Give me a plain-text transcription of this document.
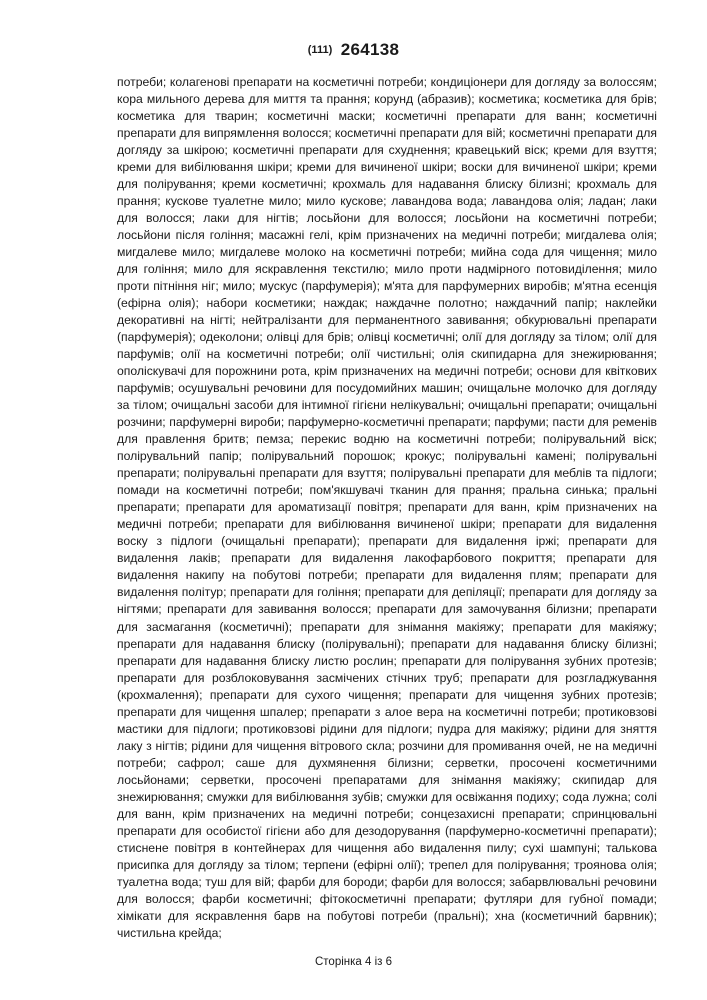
(111) 264138
потреби; колагенові препарати на косметичні потреби; кондиціонери для догляду за волоссям; кора мильного дерева для миття та прання; корунд (абразив); косметика; косметика для брів; косметика для тварин; косметичні маски; косметичні препарати для ванн; косметичні препарати для випрямлення волосся; косметичні препарати для вій; косметичні препарати для догляду за шкірою; косметичні препарати для схуднення; кравецький віск; креми для взуття; креми для вибілювання шкіри; креми для вичиненої шкіри; воски для вичиненої шкіри; креми для полірування; креми косметичні; крохмаль для надавання блиску білизні; крохмаль для прання; кускове туалетне мило; мило кускове; лавандова вода; лавандова олія; ладан; лаки для волосся; лаки для нігтів; лосьйони для волосся; лосьйони на косметичні потреби; лосьйони після гоління; масажні гелі, крім призначених на медичні потреби; мигдалева олія; мигдалеве мило; мигдалеве молоко на косметичні потреби; мийна сода для чищення; мило для гоління; мило для яскравлення текстилю; мило проти надмірного потовиділення; мило проти пітніння ніг; мило; мускус (парфумерія); м'ята для парфумерних виробів; м'ятна есенція (ефірна олія); набори косметики; наждак; наждачне полотно; наждачний папір; наклейки декоративні на нігті; нейтралізанти для перманентного завивання; обкурювальні препарати (парфумерія); одеколони; олівці для брів; олівці косметичні; олії для догляду за тілом; олії для парфумів; олії на косметичні потреби; олії чистильні; олія скипидарна для знежирювання; ополіскувачі для порожнини рота, крім призначених на медичні потреби; основи для квіткових парфумів; осушувальні речовини для посудомийних машин; очищальне молочко для догляду за тілом; очищальні засоби для інтимної гігієни нелікувальні; очищальні препарати; очищальні розчини; парфумерні вироби; парфумерно-косметичні препарати; парфуми; пасти для ременів для правлення бритв; пемза; перекис водню на косметичні потреби; полірувальний віск; полірувальний папір; полірувальний порошок; крокус; полірувальні камені; полірувальні препарати; полірувальні препарати для взуття; полірувальні препарати для меблів та підлоги; помади на косметичні потреби; пом'якшувачі тканин для прання; пральна синька; пральні препарати; препарати для ароматизації повітря; препарати для ванн, крім призначених на медичні потреби; препарати для вибілювання вичиненої шкіри; препарати для видалення воску з підлоги (очищальні препарати); препарати для видалення іржі; препарати для видалення лаків; препарати для видалення лакофарбового покриття; препарати для видалення накипу на побутові потреби; препарати для видалення плям; препарати для видалення політур; препарати для гоління; препарати для депіляції; препарати для догляду за нігтями; препарати для завивання волосся; препарати для замочування білизни; препарати для засмагання (косметичні); препарати для знімання макіяжу; препарати для макіяжу; препарати для надавання блиску (полірувальні); препарати для надавання блиску білизні; препарати для надавання блиску листю рослин; препарати для полірування зубних протезів; препарати для розблоковування засмічених стічних труб; препарати для розгладжування (крохмалення); препарати для сухого чищення; препарати для чищення зубних протезів; препарати для чищення шпалер; препарати з алое вера на косметичні потреби; протиковзові мастики для підлоги; протиковзові рідини для підлоги; пудра для макіяжу; рідини для зняття лаку з нігтів; рідини для чищення вітрового скла; розчини для промивання очей, не на медичні потреби; сафрол; саше для духмянення білизни; серветки, просочені косметичними лосьйонами; серветки, просочені препаратами для знімання макіяжу; скипидар для знежирювання; смужки для вибілювання зубів; смужки для освіжання подиху; сода лужна; солі для ванн, крім призначених на медичні потреби; сонцезахисні препарати; спринцювальні препарати для особистої гігієни або для дезодорування (парфумерно-косметичні препарати); стиснене повітря в контейнерах для чищення або видалення пилу; сухі шампуні; талькова присипка для догляду за тілом; терпени (ефірні олії); трепел для полірування; троянова олія; туалетна вода; туш для вій; фарби для бороди; фарби для волосся; забарвлювальні речовини для волосся; фарби косметичні; фітокосметичні препарати; футляри для губної помади; хімікати для яскравлення барв на побутові потреби (пральні); хна (косметичний барвник); чистильна крейда;
Сторінка 4 із 6
